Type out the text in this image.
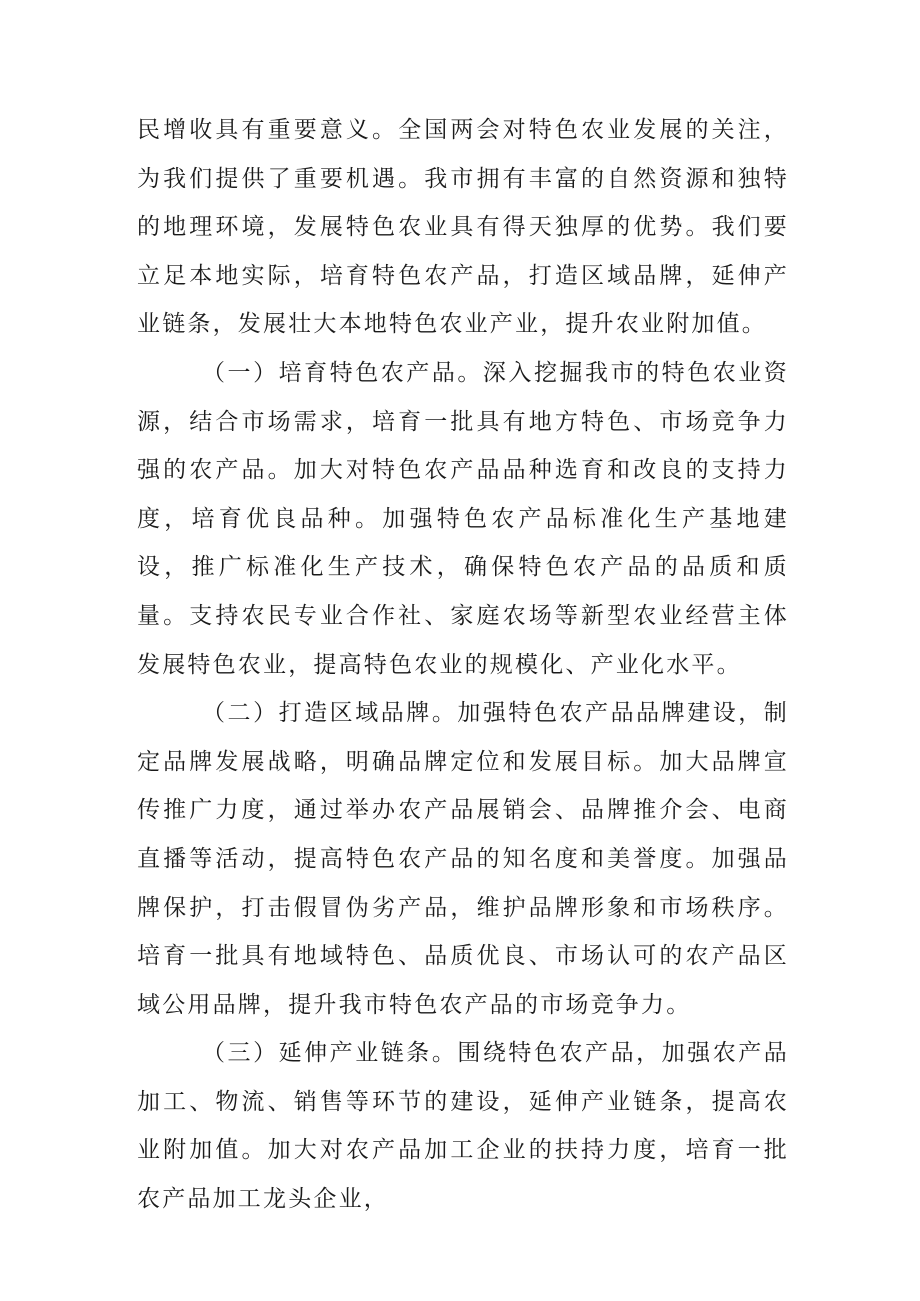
民增收具有重要意义。全国两会对特色农业发展的关注，为我们提供了重要机遇。我市拥有丰富的自然资源和独特的地理环境，发展特色农业具有得天独厚的优势。我们要立足本地实际，培育特色农产品，打造区域品牌，延伸产业链条，发展壮大本地特色农业产业，提升农业附加值。

（一）培育特色农产品。深入挖掘我市的特色农业资源，结合市场需求，培育一批具有地方特色、市场竞争力强的农产品。加大对特色农产品品种选育和改良的支持力度，培育优良品种。加强特色农产品标准化生产基地建设，推广标准化生产技术，确保特色农产品的品质和质量。支持农民专业合作社、家庭农场等新型农业经营主体发展特色农业，提高特色农业的规模化、产业化水平。

（二）打造区域品牌。加强特色农产品品牌建设，制定品牌发展战略，明确品牌定位和发展目标。加大品牌宣传推广力度，通过举办农产品展销会、品牌推介会、电商直播等活动，提高特色农产品的知名度和美誉度。加强品牌保护，打击假冒伪劣产品，维护品牌形象和市场秩序。培育一批具有地域特色、品质优良、市场认可的农产品区域公用品牌，提升我市特色农产品的市场竞争力。

（三）延伸产业链条。围绕特色农产品，加强农产品加工、物流、销售等环节的建设，延伸产业链条，提高农业附加值。加大对农产品加工企业的扶持力度，培育一批农产品加工龙头企业，
